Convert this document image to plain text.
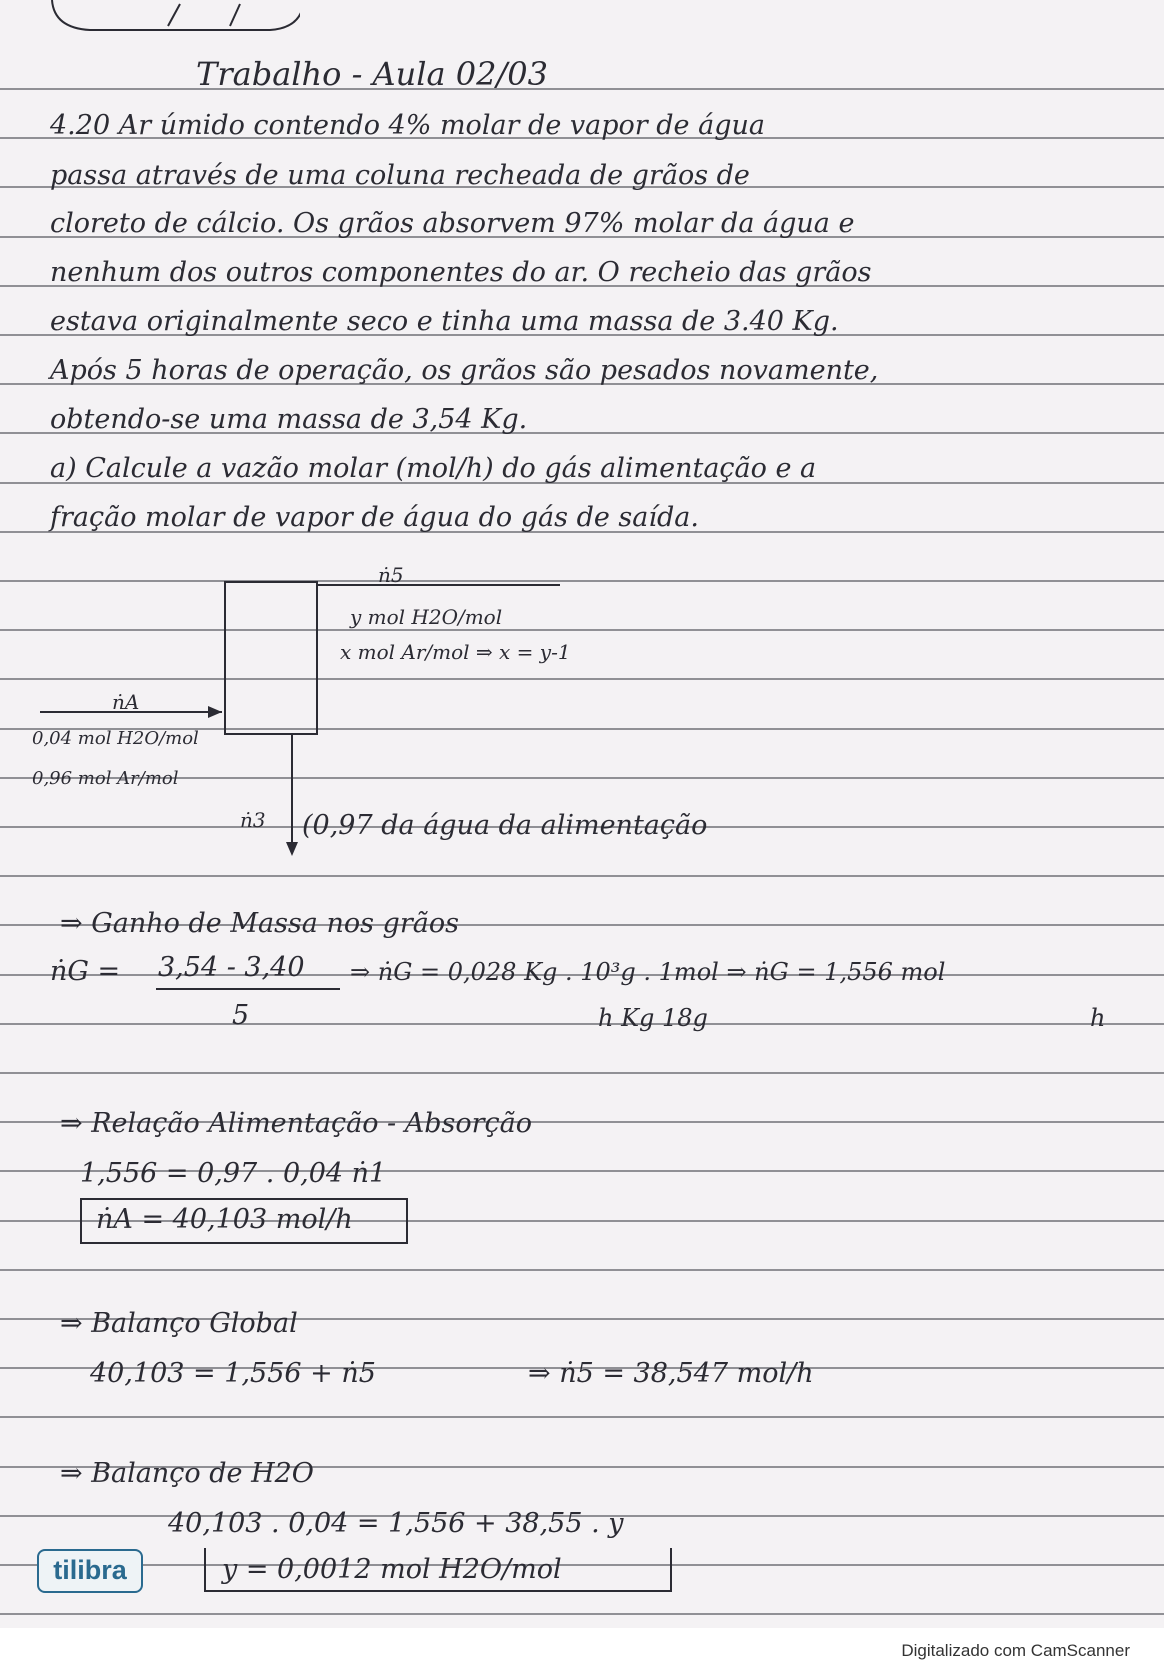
Trabalho - Aula 02/03
4.20 Ar úmido contendo 4% molar de vapor de água
passa através de uma coluna recheada de grãos de
cloreto de cálcio. Os grãos absorvem 97% molar da água e
nenhum dos outros componentes do ar. O recheio das grãos
estava originalmente seco e tinha uma massa de 3.40 Kg.
Após 5 horas de operação, os grãos são pesados novamente,
obtendo-se uma massa de 3,54 Kg.
a) Calcule a vazão molar (mol/h) do gás alimentação e a
fração molar de vapor de água do gás de saída.
ṅ5
y mol H2O/mol
x mol Ar/mol ⇒ x = y-1
ṅA
0,04 mol H2O/mol
0,96 mol Ar/mol
ṅ3 (0,97 da água da alimentação
⇒ Ganho de Massa nos grãos
ṅG = 3,54 - 3,40
5
⇒ ṅG = 0,028 Kg . 10³g . 1mol ⇒ ṅG = 1,556 mol
h Kg 18g	h
⇒ Relação Alimentação - Absorção
1,556 = 0,97 . 0,04 ṅ1
ṅA = 40,103 mol/h
⇒ Balanço Global
40,103 = 1,556 + ṅ5	⇒ ṅ5 = 38,547 mol/h
⇒ Balanço de H2O
40,103 . 0,04 = 1,556 + 38,55 . y
y = 0,0012 mol H2O/mol
tilibra
Digitalizado com CamScanner
